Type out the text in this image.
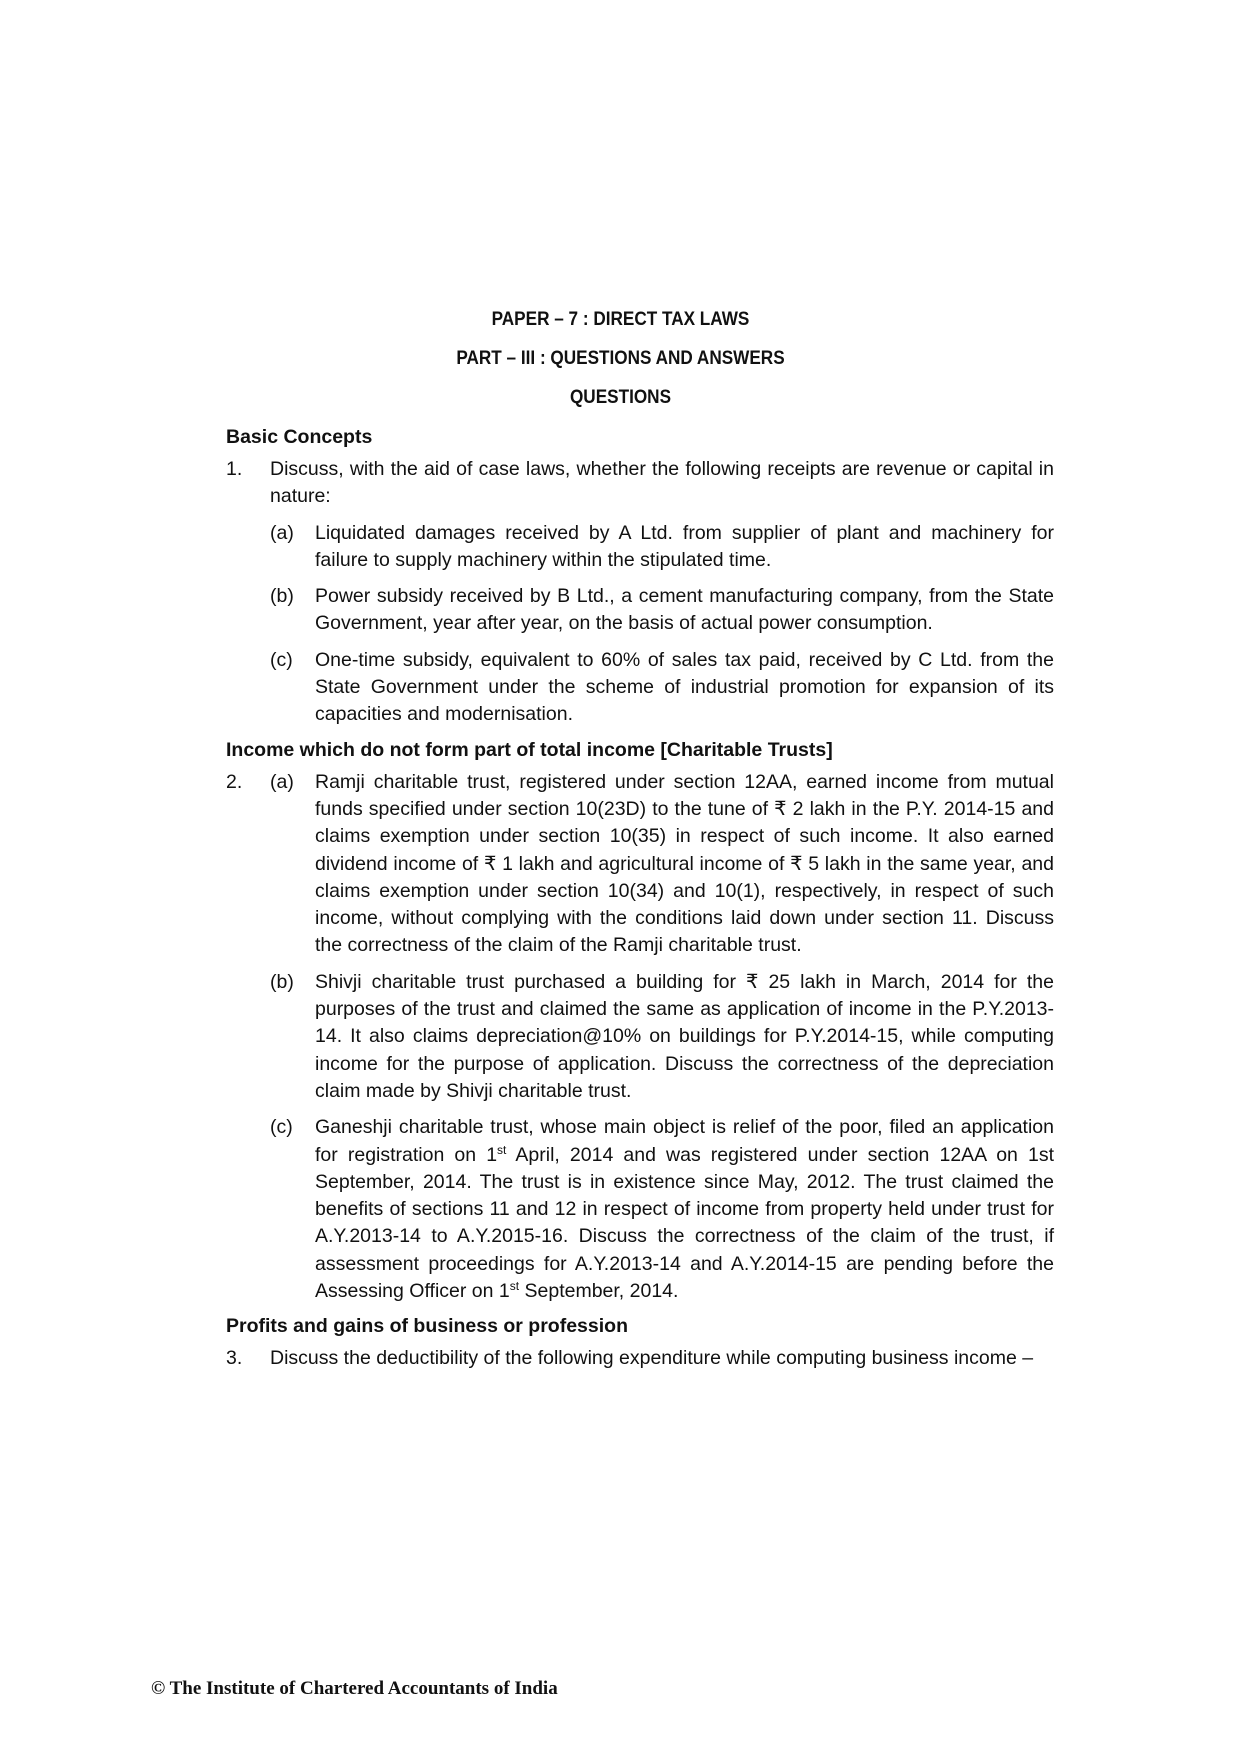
PAPER – 7 : DIRECT TAX LAWS
PART – III : QUESTIONS AND ANSWERS
QUESTIONS
Basic Concepts
1.	Discuss, with the aid of case laws, whether the following receipts are revenue or capital in nature:
(a)	Liquidated damages received by A Ltd. from supplier of plant and machinery for failure to supply machinery within the stipulated time.
(b)	Power subsidy received by B Ltd., a cement manufacturing company, from the State Government, year after year, on the basis of actual power consumption.
(c)	One-time subsidy, equivalent to 60% of sales tax paid, received by C Ltd. from the State Government under the scheme of industrial promotion for expansion of its capacities and modernisation.
Income which do not form part of total income [Charitable Trusts]
2.	(a)	Ramji charitable trust, registered under section 12AA, earned income from mutual funds specified under section 10(23D) to the tune of ₹ 2 lakh in the P.Y. 2014-15 and claims exemption under section 10(35) in respect of such income. It also earned dividend income of ₹ 1 lakh and agricultural income of ₹ 5 lakh in the same year, and claims exemption under section 10(34) and 10(1), respectively, in respect of such income, without complying with the conditions laid down under section 11. Discuss the correctness of the claim of the Ramji charitable trust.
(b)	Shivji charitable trust purchased a building for ₹ 25 lakh in March, 2014 for the purposes of the trust and claimed the same as application of income in the P.Y.2013-14. It also claims depreciation@10% on buildings for P.Y.2014-15, while computing income for the purpose of application. Discuss the correctness of the depreciation claim made by Shivji charitable trust.
(c)	Ganeshji charitable trust, whose main object is relief of the poor, filed an application for registration on 1st April, 2014 and was registered under section 12AA on 1st September, 2014. The trust is in existence since May, 2012. The trust claimed the benefits of sections 11 and 12 in respect of income from property held under trust for A.Y.2013-14 to A.Y.2015-16. Discuss the correctness of the claim of the trust, if assessment proceedings for A.Y.2013-14 and A.Y.2014-15 are pending before the Assessing Officer on 1st September, 2014.
Profits and gains of business or profession
3.	Discuss the deductibility of the following expenditure while computing business income –
© The Institute of Chartered Accountants of India
